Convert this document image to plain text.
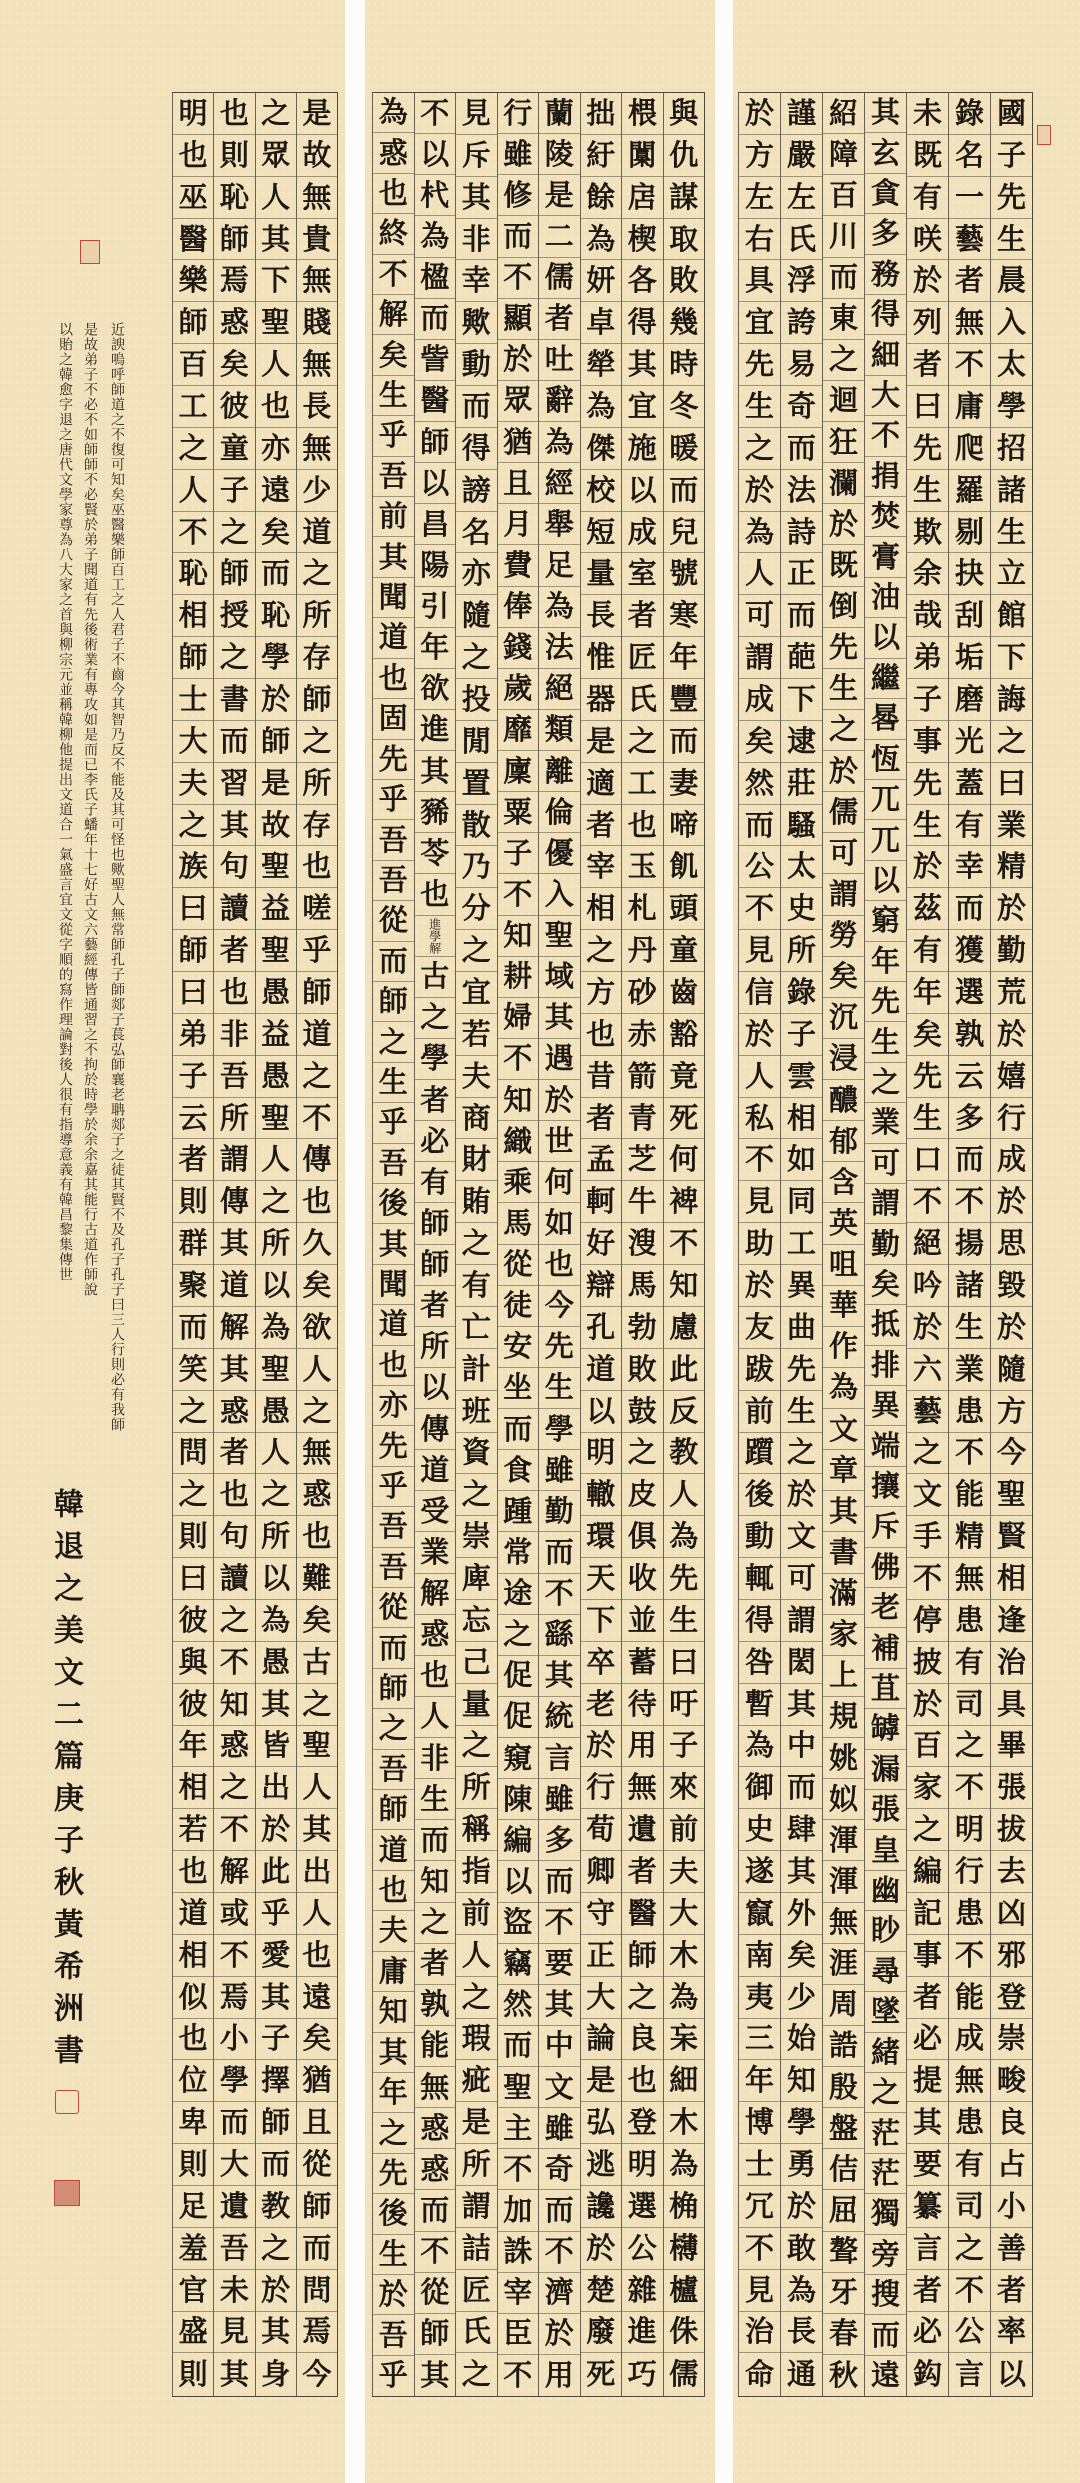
是
故
無
貴
無
賤
無
長
無
少
道
之
所
存
師
之
所
存
也
嗟
乎
師
道
之
不
傳
也
久
矣
欲
人
之
無
惑
也
難
矣
古
之
聖
人
其
出
人
也
遠
矣
猶
且
從
師
而
問
焉
今
之
眾
人
其
下
聖
人
也
亦
遠
矣
而
恥
學
於
師
是
故
聖
益
聖
愚
益
愚
聖
人
之
所
以
為
聖
愚
人
之
所
以
為
愚
其
皆
出
於
此
乎
愛
其
子
擇
師
而
教
之
於
其
身
也
則
恥
師
焉
惑
矣
彼
童
子
之
師
授
之
書
而
習
其
句
讀
者
也
非
吾
所
謂
傳
其
道
解
其
惑
者
也
句
讀
之
不
知
惑
之
不
解
或
不
焉
小
學
而
大
遺
吾
未
見
其
明
也
巫
醫
樂
師
百
工
之
人
不
恥
相
師
士
大
夫
之
族
曰
師
曰
弟
子
云
者
則
群
聚
而
笑
之
問
之
則
曰
彼
與
彼
年
相
若
也
道
相
似
也
位
卑
則
足
羞
官
盛
則
近諛嗚呼師道之不復可知矣巫醫樂師百工之人君子不齒今其智乃反不能及其可怪也歟聖人無常師孔子師郯子萇弘師襄老聃郯子之徒其賢不及孔子孔子曰三人行則必有我師
是故弟子不必不如師師不必賢於弟子聞道有先後術業有專攻如是而已李氏子蟠年十七好古文六藝經傳皆通習之不拘於時學於余余嘉其能行古道作師說
以貽之韓愈字退之唐代文學家尊為八大家之首與柳宗元並稱韓柳他提出文道合一氣盛言宜文從字順的寫作理論對後人很有指導意義有韓昌黎集傳世
韓退之美文二篇庚子秋黃希洲書
與
仇
謀
取
敗
幾
時
冬
暖
而
兒
號
寒
年
豐
而
妻
啼
飢
頭
童
齒
豁
竟
死
何
裨
不
知
慮
此
反
教
人
為
先
生
曰
吁
子
來
前
夫
大
木
為
杗
細
木
為
桷
欂
櫨
侏
儒
椳
闑
扂
楔
各
得
其
宜
施
以
成
室
者
匠
氏
之
工
也
玉
札
丹
砂
赤
箭
青
芝
牛
溲
馬
勃
敗
鼓
之
皮
俱
收
並
蓄
待
用
無
遺
者
醫
師
之
良
也
登
明
選
公
雜
進
巧
拙
紆
餘
為
妍
卓
犖
為
傑
校
短
量
長
惟
器
是
適
者
宰
相
之
方
也
昔
者
孟
軻
好
辯
孔
道
以
明
轍
環
天
下
卒
老
於
行
荀
卿
守
正
大
論
是
弘
逃
讒
於
楚
廢
死
蘭
陵
是
二
儒
者
吐
辭
為
經
舉
足
為
法
絕
類
離
倫
優
入
聖
域
其
遇
於
世
何
如
也
今
先
生
學
雖
勤
而
不
繇
其
統
言
雖
多
而
不
要
其
中
文
雖
奇
而
不
濟
於
用
行
雖
修
而
不
顯
於
眾
猶
且
月
費
俸
錢
歲
靡
廩
粟
子
不
知
耕
婦
不
知
織
乘
馬
從
徒
安
坐
而
食
踵
常
途
之
促
促
窺
陳
編
以
盜
竊
然
而
聖
主
不
加
誅
宰
臣
不
見
斥
其
非
幸
歟
動
而
得
謗
名
亦
隨
之
投
閒
置
散
乃
分
之
宜
若
夫
商
財
賄
之
有
亡
計
班
資
之
崇
庳
忘
己
量
之
所
稱
指
前
人
之
瑕
疵
是
所
謂
詰
匠
氏
之
不
以
杙
為
楹
而
訾
醫
師
以
昌
陽
引
年
欲
進
其
豨
苓
也
進學解
古
之
學
者
必
有
師
師
者
所
以
傳
道
受
業
解
惑
也
人
非
生
而
知
之
者
孰
能
無
惑
惑
而
不
從
師
其
為
惑
也
終
不
解
矣
生
乎
吾
前
其
聞
道
也
固
先
乎
吾
吾
從
而
師
之
生
乎
吾
後
其
聞
道
也
亦
先
乎
吾
吾
從
而
師
之
吾
師
道
也
夫
庸
知
其
年
之
先
後
生
於
吾
乎
國
子
先
生
晨
入
太
學
招
諸
生
立
館
下
誨
之
曰
業
精
於
勤
荒
於
嬉
行
成
於
思
毀
於
隨
方
今
聖
賢
相
逢
治
具
畢
張
拔
去
凶
邪
登
崇
畯
良
占
小
善
者
率
以
錄
名
一
藝
者
無
不
庸
爬
羅
剔
抉
刮
垢
磨
光
蓋
有
幸
而
獲
選
孰
云
多
而
不
揚
諸
生
業
患
不
能
精
無
患
有
司
之
不
明
行
患
不
能
成
無
患
有
司
之
不
公
言
未
既
有
咲
於
列
者
曰
先
生
欺
余
哉
弟
子
事
先
生
於
茲
有
年
矣
先
生
口
不
絕
吟
於
六
藝
之
文
手
不
停
披
於
百
家
之
編
記
事
者
必
提
其
要
纂
言
者
必
鈎
其
玄
貪
多
務
得
細
大
不
捐
焚
膏
油
以
繼
晷
恆
兀
兀
以
窮
年
先
生
之
業
可
謂
勤
矣
抵
排
異
端
攘
斥
佛
老
補
苴
罅
漏
張
皇
幽
眇
尋
墜
緒
之
茫
茫
獨
旁
搜
而
遠
紹
障
百
川
而
東
之
迴
狂
瀾
於
既
倒
先
生
之
於
儒
可
謂
勞
矣
沉
浸
醲
郁
含
英
咀
華
作
為
文
章
其
書
滿
家
上
規
姚
姒
渾
渾
無
涯
周
誥
殷
盤
佶
屈
聱
牙
春
秋
謹
嚴
左
氏
浮
誇
易
奇
而
法
詩
正
而
葩
下
逮
莊
騷
太
史
所
錄
子
雲
相
如
同
工
異
曲
先
生
之
於
文
可
謂
閎
其
中
而
肆
其
外
矣
少
始
知
學
勇
於
敢
為
長
通
於
方
左
右
具
宜
先
生
之
於
為
人
可
謂
成
矣
然
而
公
不
見
信
於
人
私
不
見
助
於
友
跋
前
躓
後
動
輒
得
咎
暫
為
御
史
遂
竄
南
夷
三
年
博
士
冗
不
見
治
命
